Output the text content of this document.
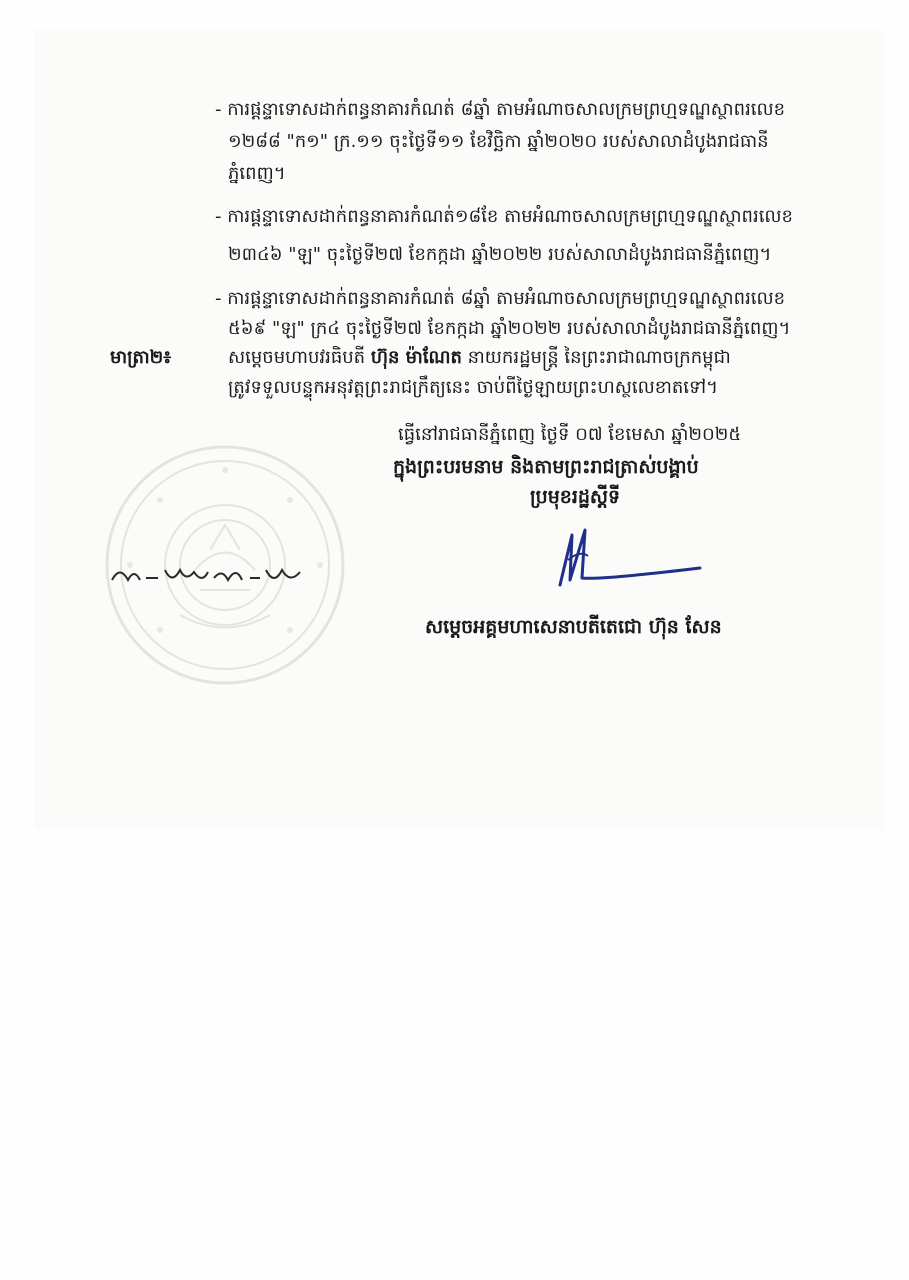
- ការផ្តន្ទាទោសដាក់ពន្ធនាគារកំណត់ ៨ឆ្នាំ តាមអំណាចសាលក្រមព្រហ្មទណ្ឌស្ថាពរលេខ
១២៨៨ "ក១" ក្រ.១១ ចុះថ្ងៃទី១១ ខែវិច្ឆិកា ឆ្នាំ២០២០ របស់សាលាដំបូងរាជធានី
ភ្នំពេញ។
- ការផ្តន្ទាទោសដាក់ពន្ធនាគារកំណត់១៨ខែ តាមអំណាចសាលក្រមព្រហ្មទណ្ឌស្ថាពរលេខ
២៣៤៦ "ឡ" ចុះថ្ងៃទី២៧ ខែកក្កដា ឆ្នាំ២០២២ របស់សាលាដំបូងរាជធានីភ្នំពេញ។
- ការផ្តន្ទាទោសដាក់ពន្ធនាគារកំណត់ ៨ឆ្នាំ តាមអំណាចសាលក្រមព្រហ្មទណ្ឌស្ថាពរលេខ
៥៦៩ "ឡ" ក្រ៤ ចុះថ្ងៃទី២៧ ខែកក្កដា ឆ្នាំ២០២២ របស់សាលាដំបូងរាជធានីភ្នំពេញ។
មាត្រា២៖	សម្តេចមហាបវរធិបតី ហ៊ុន ម៉ាណែត នាយករដ្ឋមន្ត្រី នៃព្រះរាជាណាចក្រកម្ពុជា
ត្រូវទទួលបន្ទុកអនុវត្តព្រះរាជក្រឹត្យនេះ ចាប់ពីថ្ងៃឡាយព្រះហស្ថលេខាតទៅ។
ធ្វើនៅរាជធានីភ្នំពេញ ថ្ងៃទី ០៧ ខែមេសា ឆ្នាំ២០២៥
ក្នុងព្រះបរមនាម និងតាមព្រះរាជត្រាស់បង្គាប់
ប្រមុខរដ្ឋស្តីទី
សម្តេចអគ្គមហាសេនាបតីតេជោ ហ៊ុន សែន
